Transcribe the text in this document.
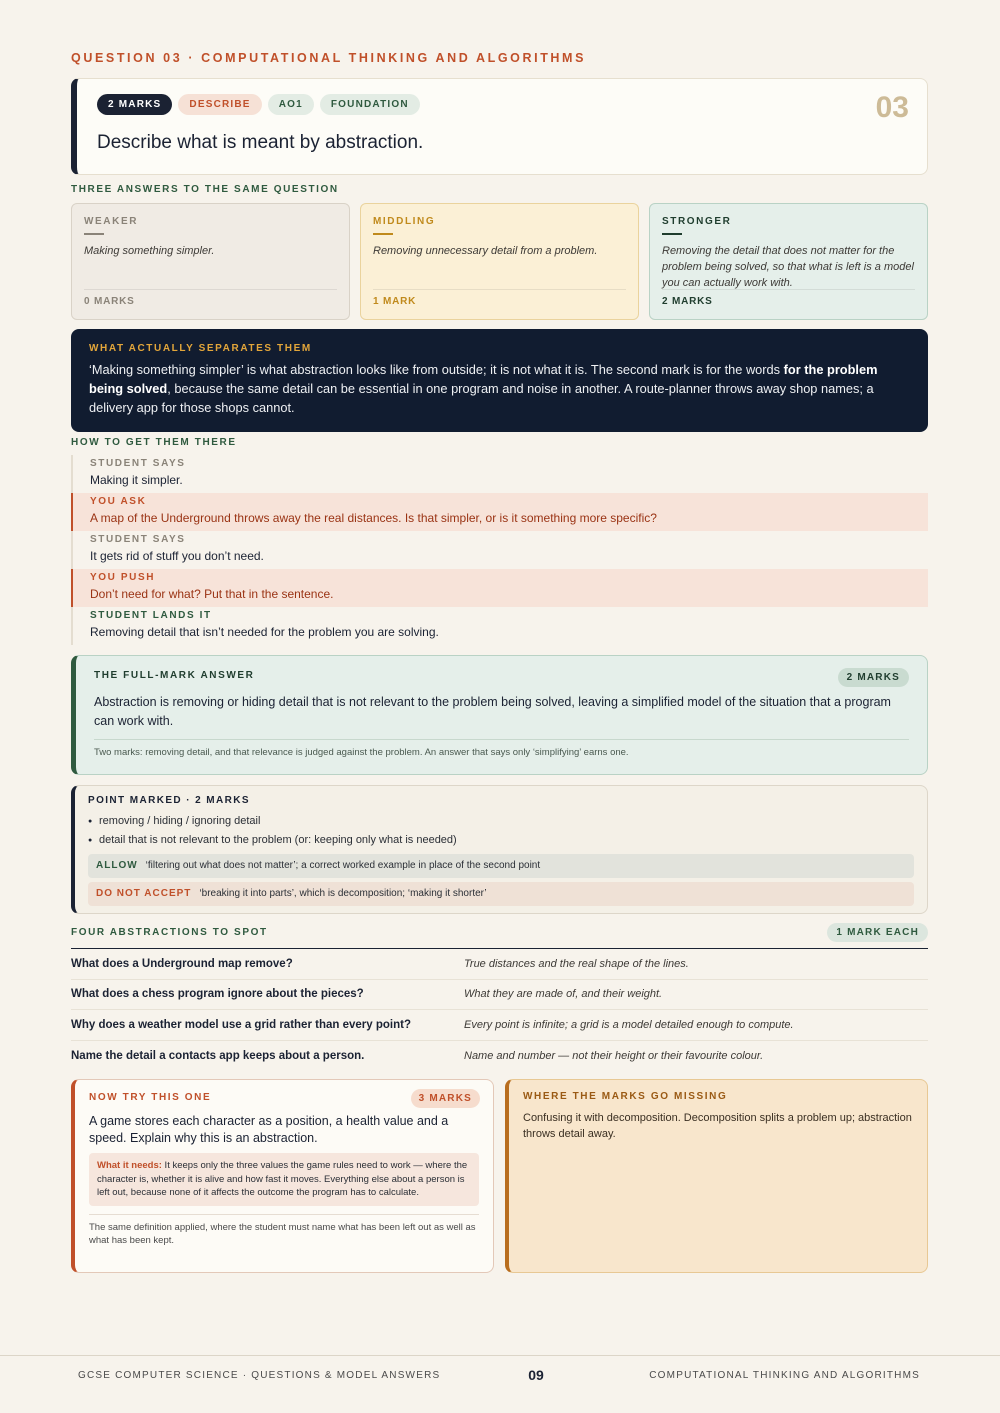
QUESTION 03 · COMPUTATIONAL THINKING AND ALGORITHMS
2 MARKS	DESCRIBE	AO1	FOUNDATION	03
Describe what is meant by abstraction.
THREE ANSWERS TO THE SAME QUESTION
WEAKER
Making something simpler.
0 MARKS
MIDDLING
Removing unnecessary detail from a problem.
1 MARK
STRONGER
Removing the detail that does not matter for the problem being solved, so that what is left is a model you can actually work with.
2 MARKS
WHAT ACTUALLY SEPARATES THEM
‘Making something simpler’ is what abstraction looks like from outside; it is not what it is. The second mark is for the words for the problem being solved, because the same detail can be essential in one program and noise in another. A route-planner throws away shop names; a delivery app for those shops cannot.
HOW TO GET THEM THERE
STUDENT SAYS
Making it simpler.
YOU ASK
A map of the Underground throws away the real distances. Is that simpler, or is it something more specific?
STUDENT SAYS
It gets rid of stuff you don’t need.
YOU PUSH
Don’t need for what? Put that in the sentence.
STUDENT LANDS IT
Removing detail that isn’t needed for the problem you are solving.
THE FULL-MARK ANSWER	2 MARKS
Abstraction is removing or hiding detail that is not relevant to the problem being solved, leaving a simplified model of the situation that a program can work with.
Two marks: removing detail, and that relevance is judged against the problem. An answer that says only ‘simplifying’ earns one.
POINT MARKED · 2 MARKS
● removing / hiding / ignoring detail
● detail that is not relevant to the problem (or: keeping only what is needed)
ALLOW ‘filtering out what does not matter’; a correct worked example in place of the second point
DO NOT ACCEPT ‘breaking it into parts’, which is decomposition; ‘making it shorter’
FOUR ABSTRACTIONS TO SPOT	1 MARK EACH
What does a Underground map remove?	True distances and the real shape of the lines.
What does a chess program ignore about the pieces?	What they are made of, and their weight.
Why does a weather model use a grid rather than every point?	Every point is infinite; a grid is a model detailed enough to compute.
Name the detail a contacts app keeps about a person.	Name and number — not their height or their favourite colour.
NOW TRY THIS ONE	3 MARKS
A game stores each character as a position, a health value and a speed. Explain why this is an abstraction.
What it needs: It keeps only the three values the game rules need to work — where the character is, whether it is alive and how fast it moves. Everything else about a person is left out, because none of it affects the outcome the program has to calculate.
The same definition applied, where the student must name what has been left out as well as what has been kept.
WHERE THE MARKS GO MISSING
Confusing it with decomposition. Decomposition splits a problem up; abstraction throws detail away.
GCSE COMPUTER SCIENCE · QUESTIONS & MODEL ANSWERS	09	COMPUTATIONAL THINKING AND ALGORITHMS
